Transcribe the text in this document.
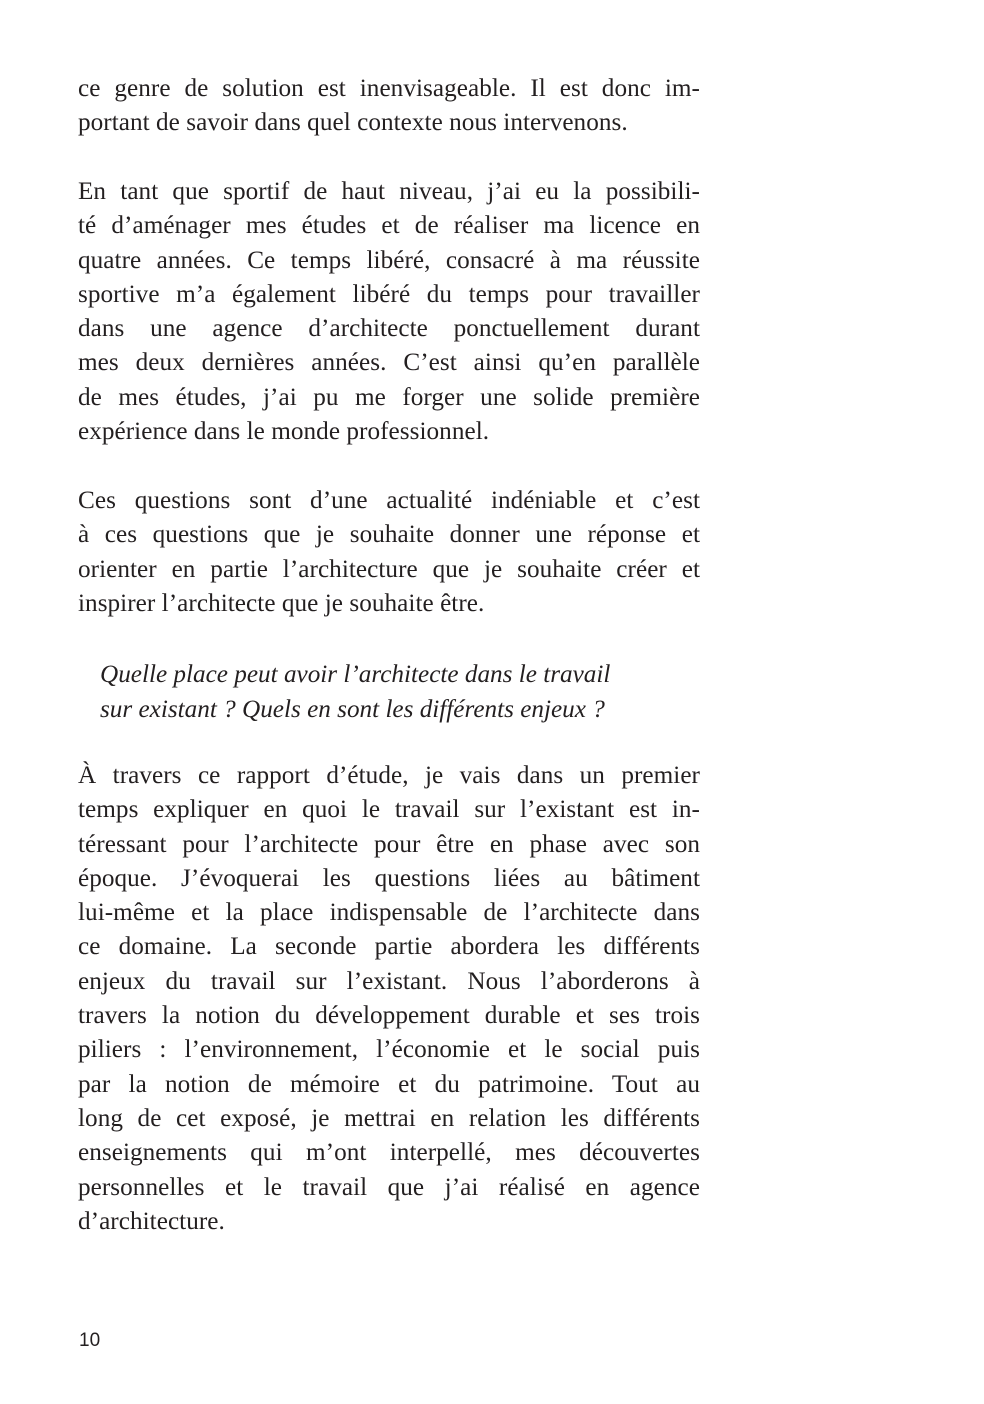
ce genre de solution est inenvisageable. Il est donc im-
portant de savoir dans quel contexte nous intervenons.

En tant que sportif de haut niveau, j’ai eu la possibili-
té d’aménager mes études et de réaliser ma licence en
quatre années. Ce temps libéré, consacré à ma réussite
sportive m’a également libéré du temps pour travailler
dans une agence d’architecte ponctuellement durant
mes deux dernières années. C’est ainsi qu’en parallèle
de mes études, j’ai pu me forger une solide première
expérience dans le monde professionnel.

Ces questions sont d’une actualité indéniable et c’est
à ces questions que je souhaite donner une réponse et
orienter en partie l’architecture que je souhaite créer et
inspirer l’architecte que je souhaite être.

Quelle place peut avoir l’architecte dans le travail
sur existant ? Quels en sont les différents enjeux ?

À travers ce rapport d’étude, je vais dans un premier
temps expliquer en quoi le travail sur l’existant est in-
téressant pour l’architecte pour être en phase avec son
époque. J’évoquerai les questions liées au bâtiment
lui-même et la place indispensable de l’architecte dans
ce domaine. La seconde partie abordera les différents
enjeux du travail sur l’existant. Nous l’aborderons à
travers la notion du développement durable et ses trois
piliers : l’environnement, l’économie et le social puis
par la notion de mémoire et du patrimoine. Tout au
long de cet exposé, je mettrai en relation les différents
enseignements qui m’ont interpellé, mes découvertes
personnelles et le travail que j’ai réalisé en agence
d’architecture.

10
